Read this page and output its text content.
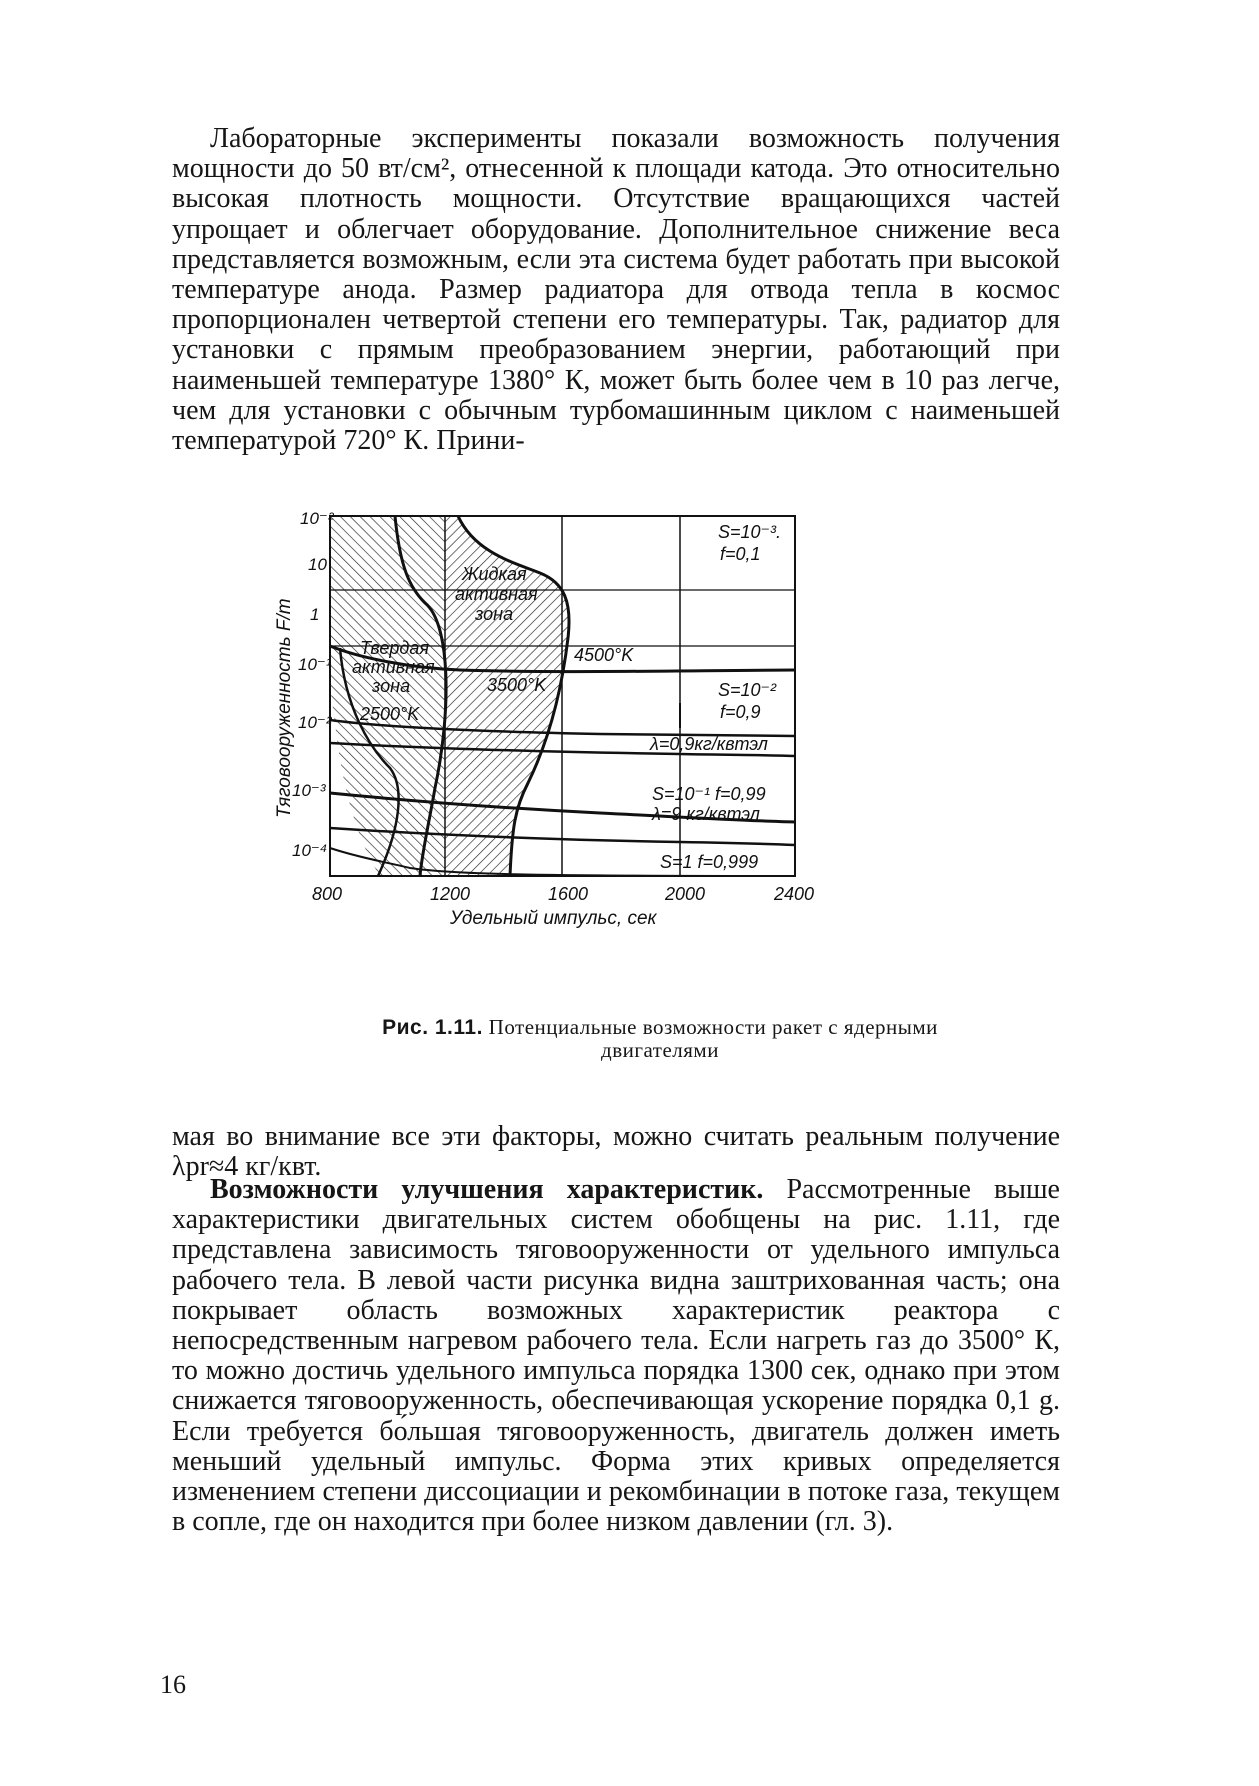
Лабораторные эксперименты показали возможность получения мощности до 50 вт/см², отнесенной к площади катода. Это относительно высокая плотность мощности. Отсутствие вращающихся частей упрощает и облегчает оборудование. Дополнительное снижение веса представляется возможным, если эта система будет работать при высокой температуре анода. Размер радиатора для отвода тепла в космос пропорционален четвертой степени его температуры. Так, радиатор для установки с прямым преобразованием энергии, работающий при наименьшей температуре 1380° К, может быть более чем в 10 раз легче, чем для установки с обычным турбомашинным циклом с наименьшей температурой 720° К. Прини-

Жидкая
активная
зона
Твердая
активная
зона
2500°K
3500°K
4500°K
S=10⁻³.
f=0,1
S=10⁻²
f=0,9
λ=0,9кг/квтэл
S=10⁻¹ f=0,99
λ=9 кг/квтэл
S=1 f=0,999
10⁻²
10
1
10⁻¹
10⁻²
10⁻³
10⁻⁴
800	1200	1600	2000	2400
Удельный импульс, сек
Тяговооруженность F/m
Рис. 1.11. Потенциальные возможности ракет с ядерными двигателями

мая во внимание все эти факторы, можно считать реальным получение λpr≈4 кг/квт.

Возможности улучшения характеристик. Рассмотренные выше характеристики двигательных систем обобщены на рис. 1.11, где представлена зависимость тяговооруженности от удельного импульса рабочего тела. В левой части рисунка видна заштрихованная часть; она покрывает область возможных характеристик реактора с непосредственным нагревом рабочего тела. Если нагреть газ до 3500° К, то можно достичь удельного импульса порядка 1300 сек, однако при этом снижается тяговооруженность, обеспечивающая ускорение порядка 0,1 g. Если требуется бо́льшая тяговооруженность, двигатель должен иметь меньший удельный импульс. Форма этих кривых определяется изменением степени диссоциации и рекомбинации в потоке газа, текущем в сопле, где он находится при более низком давлении (гл. 3).

16
